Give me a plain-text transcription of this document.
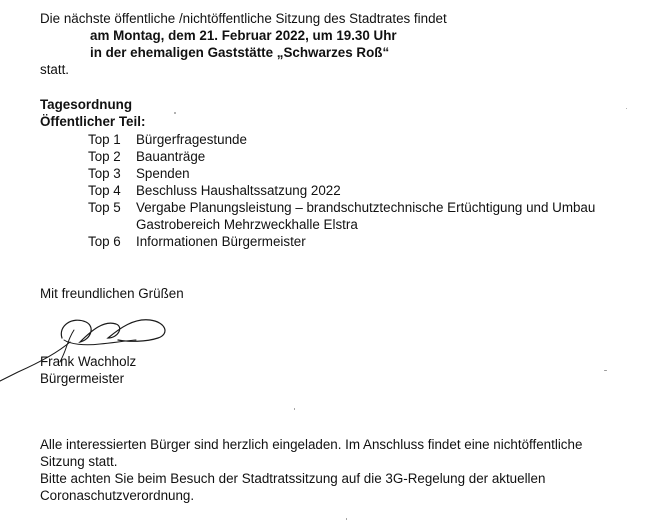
Die nächste öffentliche /nichtöffentliche Sitzung des Stadtrates findet
am Montag, dem 21. Februar 2022, um 19.30 Uhr
in der ehemaligen Gaststätte „Schwarzes Roß“
statt.
Tagesordnung
Öffentlicher Teil:
Top 1 Bürgerfragestunde
Top 2 Bauanträge
Top 3 Spenden
Top 4 Beschluss Haushaltssatzung 2022
Top 5 Vergabe Planungsleistung – brandschutztechnische Ertüchtigung und Umbau
Gastrobereich Mehrzweckhalle Elstra
Top 6 Informationen Bürgermeister
Mit freundlichen Grüßen
Frank Wachholz
Bürgermeister
Alle interessierten Bürger sind herzlich eingeladen. Im Anschluss findet eine nichtöffentliche
Sitzung statt.
Bitte achten Sie beim Besuch der Stadtratssitzung auf die 3G-Regelung der aktuellen
Coronaschutzverordnung.
